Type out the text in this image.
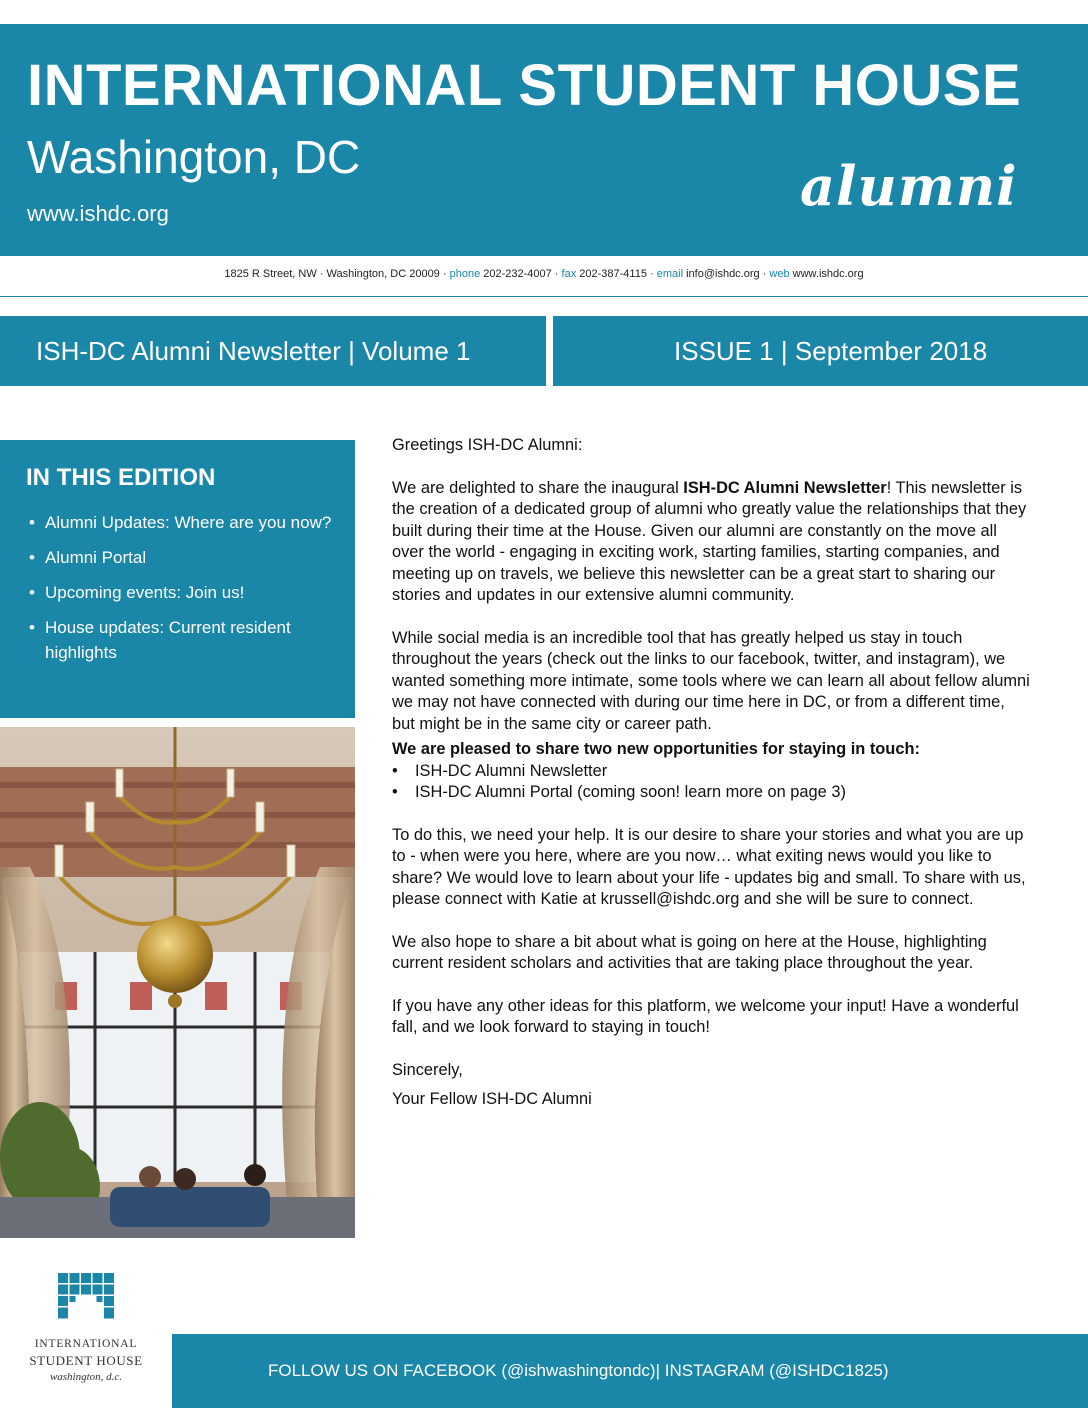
INTERNATIONAL STUDENT HOUSE
Washington, DC
www.ishdc.org	alumni
1825 R Street, NW · Washington, DC 20009 · phone 202-232-4007 · fax 202-387-4115 · email info@ishdc.org · web www.ishdc.org
ISH-DC Alumni Newsletter | Volume 1	ISSUE 1 | September 2018
IN THIS EDITION
• Alumni Updates: Where are you now?
• Alumni Portal
• Upcoming events: Join us!
• House updates: Current resident highlights

Greetings ISH-DC Alumni:

We are delighted to share the inaugural ISH-DC Alumni Newsletter! This newsletter is the creation of a dedicated group of alumni who greatly value the relationships that they built during their time at the House. Given our alumni are constantly on the move all over the world - engaging in exciting work, starting families, starting companies, and meeting up on travels, we believe this newsletter can be a great start to sharing our stories and updates in our extensive alumni community.

While social media is an incredible tool that has greatly helped us stay in touch throughout the years (check out the links to our facebook, twitter, and instagram), we wanted something more intimate, some tools where we can learn all about fellow alumni we may not have connected with during our time here in DC, or from a different time, but might be in the same city or career path.

We are pleased to share two new opportunities for staying in touch:

• ISH-DC Alumni Newsletter
• ISH-DC Alumni Portal (coming soon! learn more on page 3)

To do this, we need your help. It is our desire to share your stories and what you are up to - when were you here, where are you now… what exiting news would you like to share? We would love to learn about your life - updates big and small. To share with us, please connect with Katie at krussell@ishdc.org and she will be sure to connect.

We also hope to share a bit about what is going on here at the House, highlighting current resident scholars and activities that are taking place throughout the year.

If you have any other ideas for this platform, we welcome your input! Have a wonderful fall, and we look forward to staying in touch!

Sincerely,

Your Fellow ISH-DC Alumni

INTERNATIONAL
STUDENT HOUSE
washington, d.c.	FOLLOW US ON FACEBOOK (@ishwashingtondc)| INSTAGRAM (@ISHDC1825)
